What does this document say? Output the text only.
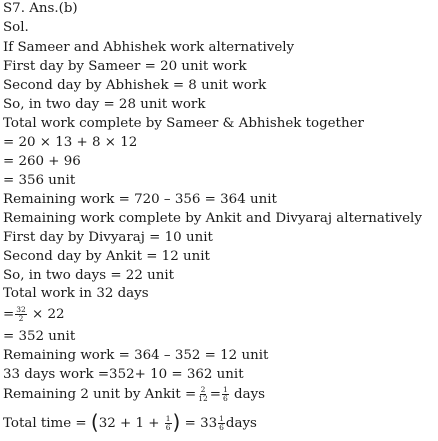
S7. Ans.(b)
Sol.
If Sameer and Abhishek work alternatively
First day by Sameer = 20 unit work
Second day by Abhishek = 8 unit work
So, in two day = 28 unit work
Total work complete by Sameer & Abhishek together
= 20 × 13 + 8 × 12
= 260 + 96
= 356 unit
Remaining work = 720 – 356 = 364 unit
Remaining work complete by Ankit and Divyaraj alternatively
First day by Divyaraj = 10 unit
Second day by Ankit = 12 unit
So, in two days = 22 unit
Total work in 32 days
= $\frac{32}{2} \times 22$
= 352 unit
Remaining work = 364 – 352 = 12 unit
33 days work =352+ 10 = 362 unit
Remaining 2 unit by Ankit = $\frac{2}{12} = \frac{1}{6}$ days
Total time = ($32 + 1 + \frac{1}{6}$ ) = $33 \frac{1}{6}$ days
